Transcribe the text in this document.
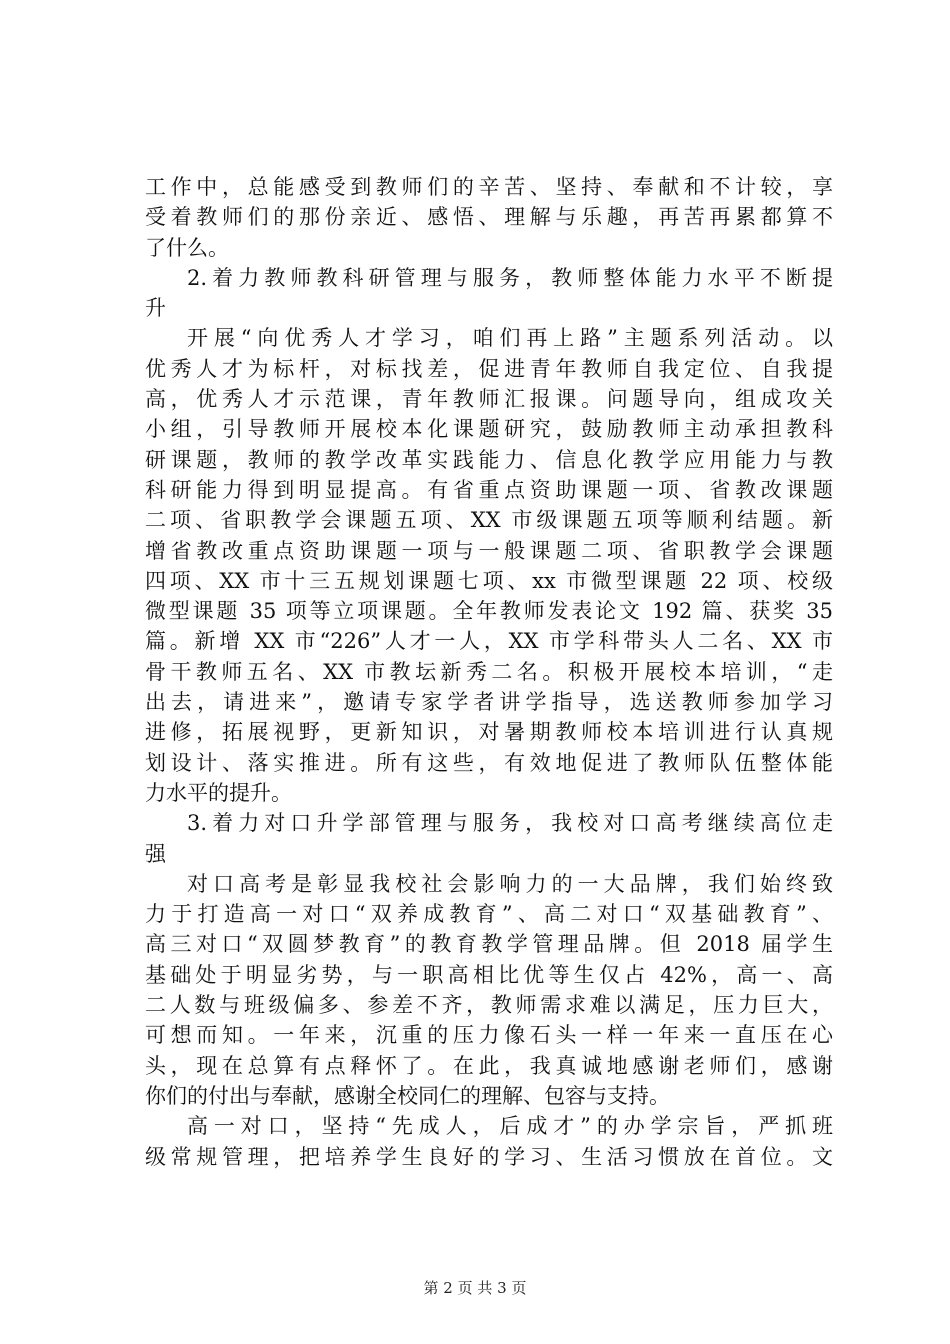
工作中，总能感受到教师们的辛苦、坚持、奉献和不计较，享
受着教师们的那份亲近、感悟、理解与乐趣，再苦再累都算不
了什么。
2.着力教师教科研管理与服务，教师整体能力水平不断提
升
开展“向优秀人才学习，咱们再上路”主题系列活动。以
优秀人才为标杆，对标找差，促进青年教师自我定位、自我提
高，优秀人才示范课，青年教师汇报课。问题导向，组成攻关
小组，引导教师开展校本化课题研究，鼓励教师主动承担教科
研课题，教师的教学改革实践能力、信息化教学应用能力与教
科研能力得到明显提高。有省重点资助课题一项、省教改课题
二项、省职教学会课题五项、XX 市级课题五项等顺利结题。新
增省教改重点资助课题一项与一般课题二项、省职教学会课题
四项、XX 市十三五规划课题七项、xx 市微型课题 22 项、校级
微型课题 35 项等立项课题。全年教师发表论文 192 篇、获奖 35
篇。新增 XX 市“226”人才一人，XX 市学科带头人二名、XX 市
骨干教师五名、XX 市教坛新秀二名。积极开展校本培训，“走
出去，请进来”，邀请专家学者讲学指导，选送教师参加学习
进修，拓展视野，更新知识，对暑期教师校本培训进行认真规
划设计、落实推进。所有这些，有效地促进了教师队伍整体能
力水平的提升。
3.着力对口升学部管理与服务，我校对口高考继续高位走
强
对口高考是彰显我校社会影响力的一大品牌，我们始终致
力于打造高一对口“双养成教育”、高二对口“双基础教育”、
高三对口“双圆梦教育”的教育教学管理品牌。但 2018 届学生
基础处于明显劣势，与一职高相比优等生仅占 42%，高一、高
二人数与班级偏多、参差不齐，教师需求难以满足，压力巨大，
可想而知。一年来，沉重的压力像石头一样一年来一直压在心
头，现在总算有点释怀了。在此，我真诚地感谢老师们，感谢
你们的付出与奉献，感谢全校同仁的理解、包容与支持。
高一对口，坚持“先成人，后成才”的办学宗旨，严抓班
级常规管理，把培养学生良好的学习、生活习惯放在首位。文
第 2 页 共 3 页
